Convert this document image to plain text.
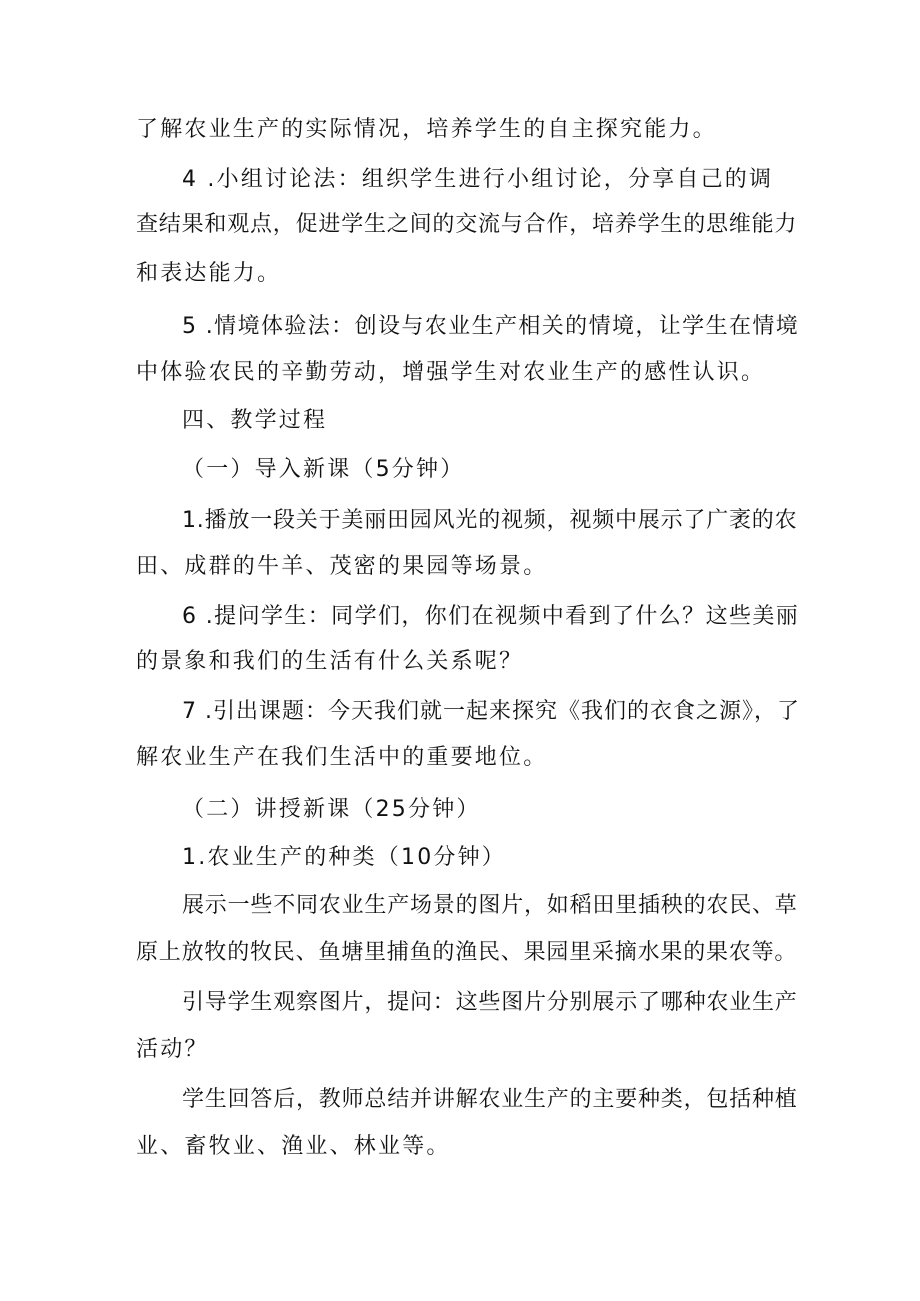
了解农业生产的实际情况，培养学生的自主探究能力。

4 .小组讨论法：组织学生进行小组讨论，分享自己的调

查结果和观点，促进学生之间的交流与合作，培养学生的思维能力

和表达能力。

5 .情境体验法：创设与农业生产相关的情境，让学生在情境

中体验农民的辛勤劳动，增强学生对农业生产的感性认识。

四、教学过程

（一）导入新课（5分钟）

1.播放一段关于美丽田园风光的视频，视频中展示了广袤的农

田、成群的牛羊、茂密的果园等场景。

6 .提问学生：同学们，你们在视频中看到了什么？这些美丽

的景象和我们的生活有什么关系呢？

7 .引出课题：今天我们就一起来探究《我们的衣食之源》，了

解农业生产在我们生活中的重要地位。

（二）讲授新课（25分钟）

1.农业生产的种类（10分钟）

展示一些不同农业生产场景的图片，如稻田里插秧的农民、草

原上放牧的牧民、鱼塘里捕鱼的渔民、果园里采摘水果的果农等。

引导学生观察图片，提问：这些图片分别展示了哪种农业生产

活动？

学生回答后，教师总结并讲解农业生产的主要种类，包括种植

业、畜牧业、渔业、林业等。
